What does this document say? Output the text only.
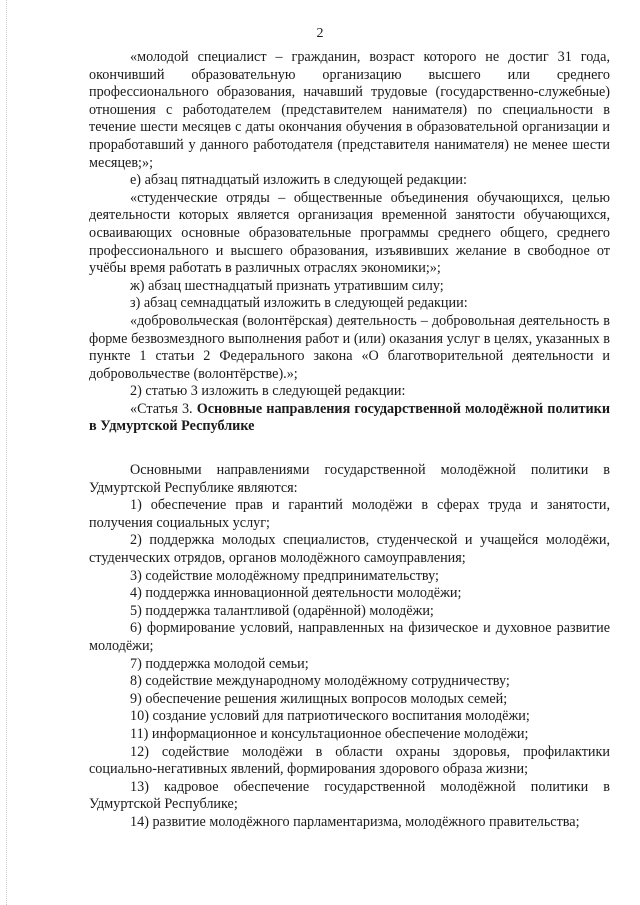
2

«молодой специалист – гражданин, возраст которого не достиг 31 года, окончивший образовательную организацию высшего или среднего профессионального образования, начавший трудовые (государственно-служебные) отношения с работодателем (представителем нанимателя) по специальности в течение шести месяцев с даты окончания обучения в образовательной организации и проработавший у данного работодателя (представителя нанимателя) не менее шести месяцев;»;

е) абзац пятнадцатый изложить в следующей редакции:

«студенческие отряды – общественные объединения обучающихся, целью деятельности которых является организация временной занятости обучающихся, осваивающих основные образовательные программы среднего общего, среднего профессионального и высшего образования, изъявивших желание в свободное от учёбы время работать в различных отраслях экономики;»;

ж) абзац шестнадцатый признать утратившим силу;

з) абзац семнадцатый изложить в следующей редакции:

«добровольческая (волонтёрская) деятельность – добровольная деятельность в форме безвозмездного выполнения работ и (или) оказания услуг в целях, указанных в пункте 1 статьи 2 Федерального закона «О благотворительной деятельности и добровольчестве (волонтёрстве).»;

2) статью 3 изложить в следующей редакции:

«Статья 3. Основные направления государственной молодёжной политики в Удмуртской Республике

Основными направлениями государственной молодёжной политики в Удмуртской Республике являются:

1) обеспечение прав и гарантий молодёжи в сферах труда и занятости, получения социальных услуг;

2) поддержка молодых специалистов, студенческой и учащейся молодёжи, студенческих отрядов, органов молодёжного самоуправления;

3) содействие молодёжному предпринимательству;

4) поддержка инновационной деятельности молодёжи;

5) поддержка талантливой (одарённой) молодёжи;

6) формирование условий, направленных на физическое и духовное развитие молодёжи;

7) поддержка молодой семьи;

8) содействие международному молодёжному сотрудничеству;

9) обеспечение решения жилищных вопросов молодых семей;

10) создание условий для патриотического воспитания молодёжи;

11) информационное и консультационное обеспечение молодёжи;

12) содействие молодёжи в области охраны здоровья, профилактики социально-негативных явлений, формирования здорового образа жизни;

13) кадровое обеспечение государственной молодёжной политики в Удмуртской Республике;

14) развитие молодёжного парламентаризма, молодёжного правительства;
